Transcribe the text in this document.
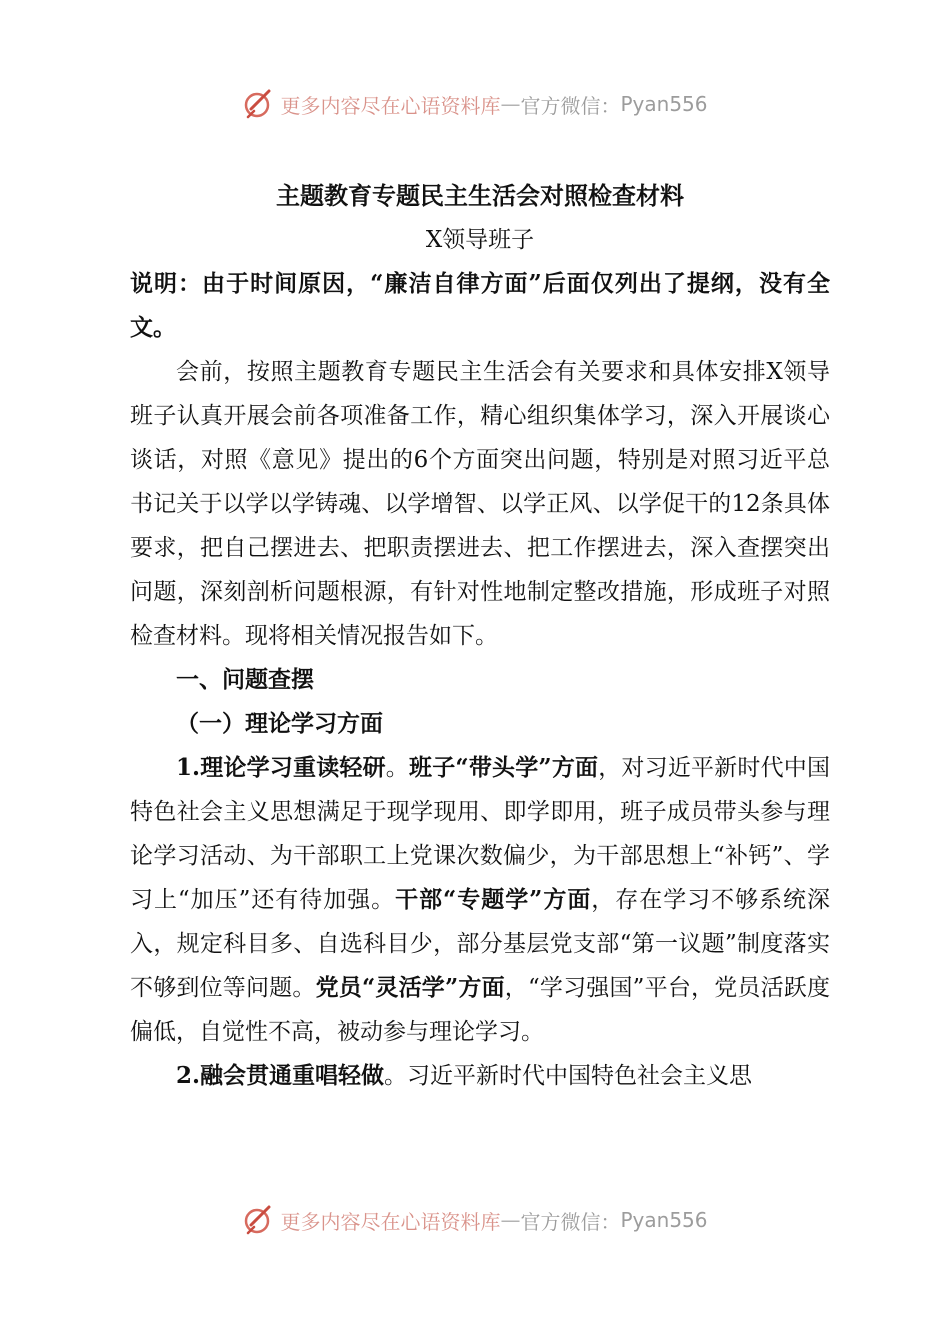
更多内容尽在心语资料库 — 官方微信： Pyan556
主题教育专题民主生活会对照检查材料
X领导班子

说明：由于时间原因，“廉洁自律方面”后面仅列出了提纲，没有全文。

会前，按照主题教育专题民主生活会有关要求和具体安排X领导班子认真开展会前各项准备工作，精心组织集体学习，深入开展谈心谈话，对照《意见》提出的6个方面突出问题，特别是对照习近平总书记关于以学以学铸魂、以学增智、以学正风、以学促干的12条具体要求，把自己摆进去、把职责摆进去、把工作摆进去，深入查摆突出问题，深刻剖析问题根源，有针对性地制定整改措施，形成班子对照检查材料。现将相关情况报告如下。

一、问题查摆

（一）理论学习方面

1.理论学习重读轻研。班子“带头学”方面，对习近平新时代中国特色社会主义思想满足于现学现用、即学即用，班子成员带头参与理论学习活动、为干部职工上党课次数偏少，为干部思想上“补钙”、学习上“加压”还有待加强。干部“专题学”方面，存在学习不够系统深入，规定科目多、自选科目少，部分基层党支部“第一议题”制度落实不够到位等问题。党员“灵活学”方面，“学习强国”平台，党员活跃度偏低，自觉性不高，被动参与理论学习。

2.融会贯通重唱轻做。习近平新时代中国特色社会主义思

更多内容尽在心语资料库 — 官方微信： Pyan556
